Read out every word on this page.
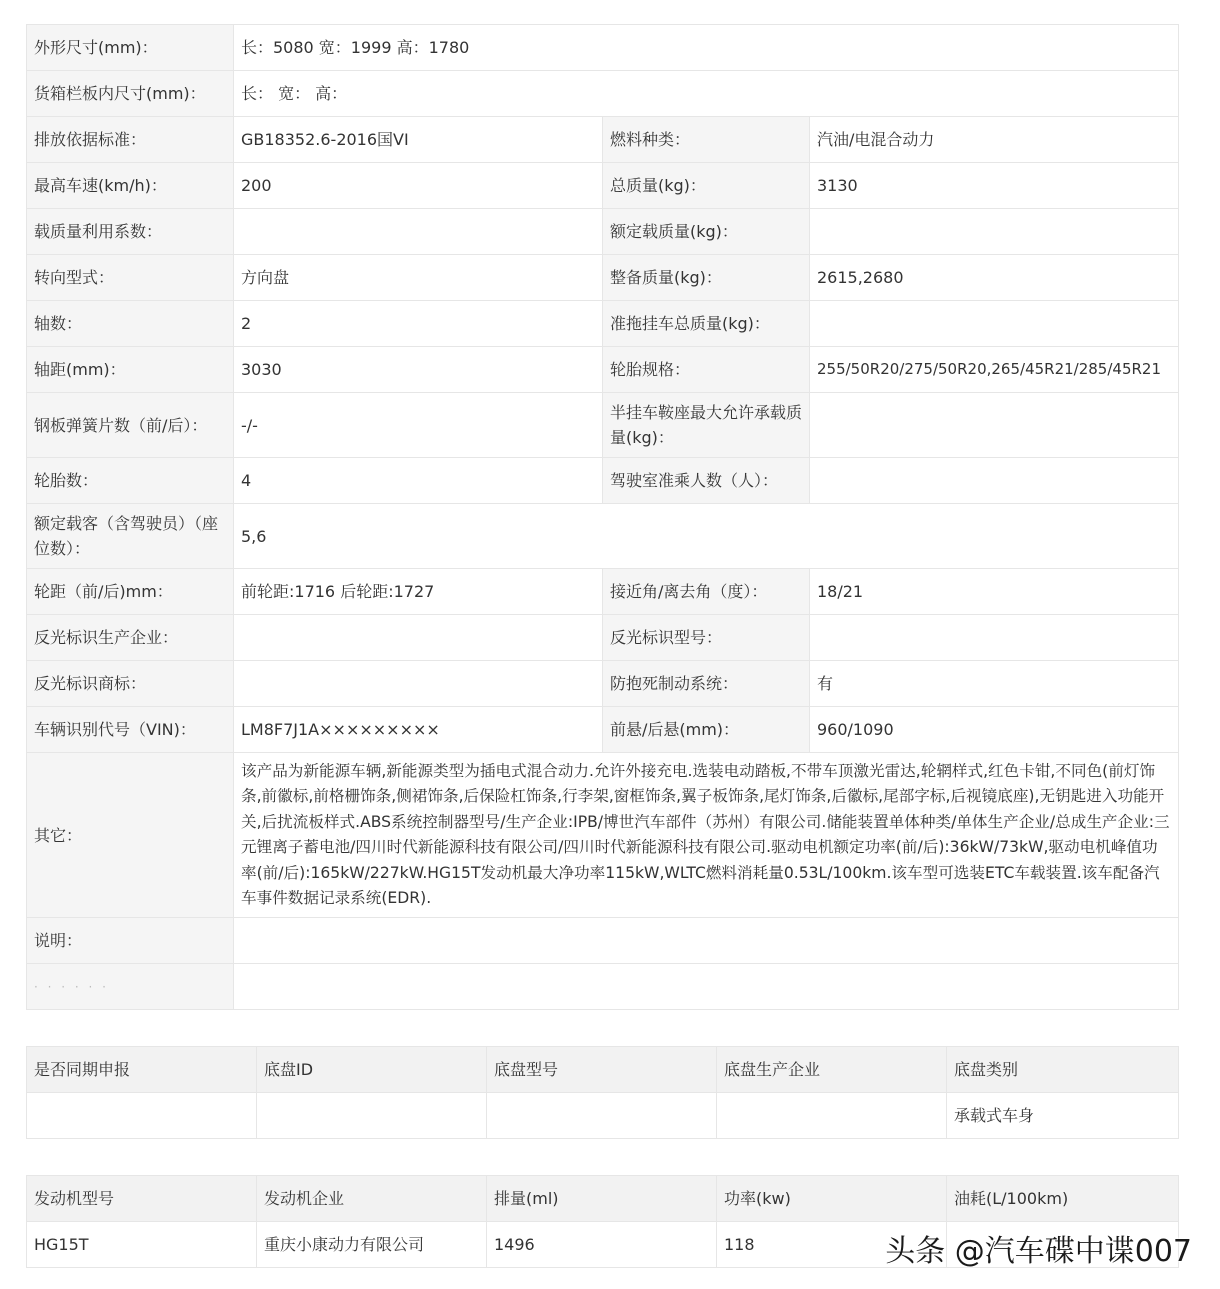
外形尺寸(mm)：	长：5080 宽：1999 高：1780		
货箱栏板内尺寸(mm)：	长： 宽： 高：		
排放依据标准：	GB18352.6-2016国VI	燃料种类：	汽油/电混合动力
最高车速(km/h)：	200	总质量(kg)：	3130
载质量利用系数：		额定载质量(kg)：	
转向型式：	方向盘	整备质量(kg)：	2615,2680
轴数：	2	准拖挂车总质量(kg)：	
轴距(mm)：	3030	轮胎规格：	255/50R20/275/50R20,265/45R21/285/45R21
钢板弹簧片数（前/后）：	-/-	半挂车鞍座最大允许承载质量(kg)：	
轮胎数：	4	驾驶室准乘人数（人）：	
额定载客（含驾驶员）（座位数）：	5,6		
轮距（前/后)mm：	前轮距:1716 后轮距:1727	接近角/离去角（度）：	18/21
反光标识生产企业：		反光标识型号：	
反光标识商标：		防抱死制动系统：	有
车辆识别代号（VIN)：	LM8F7J1A×××××××××	前悬/后悬(mm)：	960/1090
其它：	该产品为新能源车辆,新能源类型为插电式混合动力.允许外接充电.选装电动踏板,不带车顶激光雷达,轮辋样式,红色卡钳,不同色(前灯饰条,前徽标,前格栅饰条,侧裙饰条,后保险杠饰条,行李架,窗框饰条,翼子板饰条,尾灯饰条,后徽标,尾部字标,后视镜底座),无钥匙进入功能开关,后扰流板样式.ABS系统控制器型号/生产企业:IPB/博世汽车部件（苏州）有限公司.储能装置单体种类/单体生产企业/总成生产企业:三元锂离子蓄电池/四川时代新能源科技有限公司/四川时代新能源科技有限公司.驱动电机额定功率(前/后):36kW/73kW,驱动电机峰值功率(前/后):165kW/227kW.HG15T发动机最大净功率115kW,WLTC燃料消耗量0.53L/100km.该车型可选装ETC车载装置.该车配备汽车事件数据记录系统(EDR).		
说明：			
· · · · · ·			
是否同期申报	底盘ID	底盘型号	底盘生产企业	底盘类别
				承载式车身
发动机型号	发动机企业	排量(ml)	功率(kw)	油耗(L/100km)
HG15T	重庆小康动力有限公司	1496	118		头条 @汽车碟中谍007
